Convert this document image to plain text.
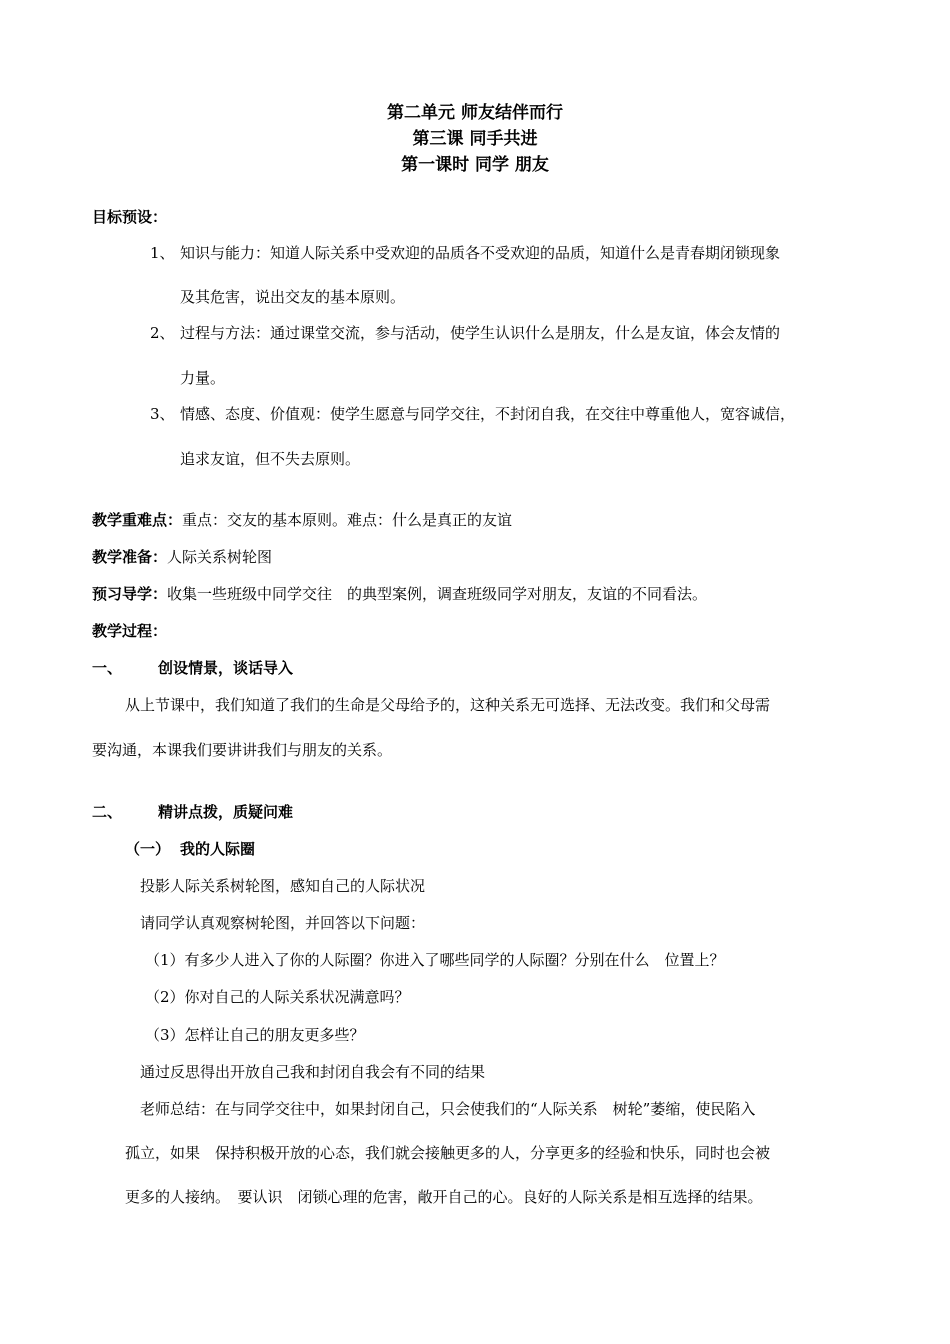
第二单元 师友结伴而行
第三课 同手共进
第一课时 同学 朋友
目标预设：
1、 知识与能力：知道人际关系中受欢迎的品质各不受欢迎的品质，知道什么是青春期闭锁现象
及其危害，说出交友的基本原则。
2、 过程与方法：通过课堂交流，参与活动，使学生认识什么是朋友，什么是友谊，体会友情的
力量。
3、 情感、态度、价值观：使学生愿意与同学交往，不封闭自我，在交往中尊重他人，宽容诚信，
追求友谊，但不失去原则。
教学重难点：重点：交友的基本原则。难点：什么是真正的友谊
教学准备：人际关系树轮图
预习导学：收集一些班级中同学交往　的典型案例，调查班级同学对朋友，友谊的不同看法。
教学过程：
一、 创设情景，谈话导入
从上节课中，我们知道了我们的生命是父母给予的，这种关系无可选择、无法改变。我们和父母需
要沟通，本课我们要讲讲我们与朋友的关系。
二、 精讲点拨，质疑问难
（一） 我的人际圈
投影人际关系树轮图，感知自己的人际状况
请同学认真观察树轮图，并回答以下问题：
（1）有多少人进入了你的人际圈？你进入了哪些同学的人际圈？分别在什么　位置上？
（2）你对自己的人际关系状况满意吗？
（3）怎样让自己的朋友更多些？
通过反思得出开放自己我和封闭自我会有不同的结果
老师总结：在与同学交往中，如果封闭自己，只会使我们的“人际关系　树轮”萎缩，使民陷入
孤立，如果　保持积极开放的心态，我们就会接触更多的人，分享更多的经验和快乐，同时也会被
更多的人接纳。　要认识　闭锁心理的危害，敞开自己的心。良好的人际关系是相互选择的结果。
